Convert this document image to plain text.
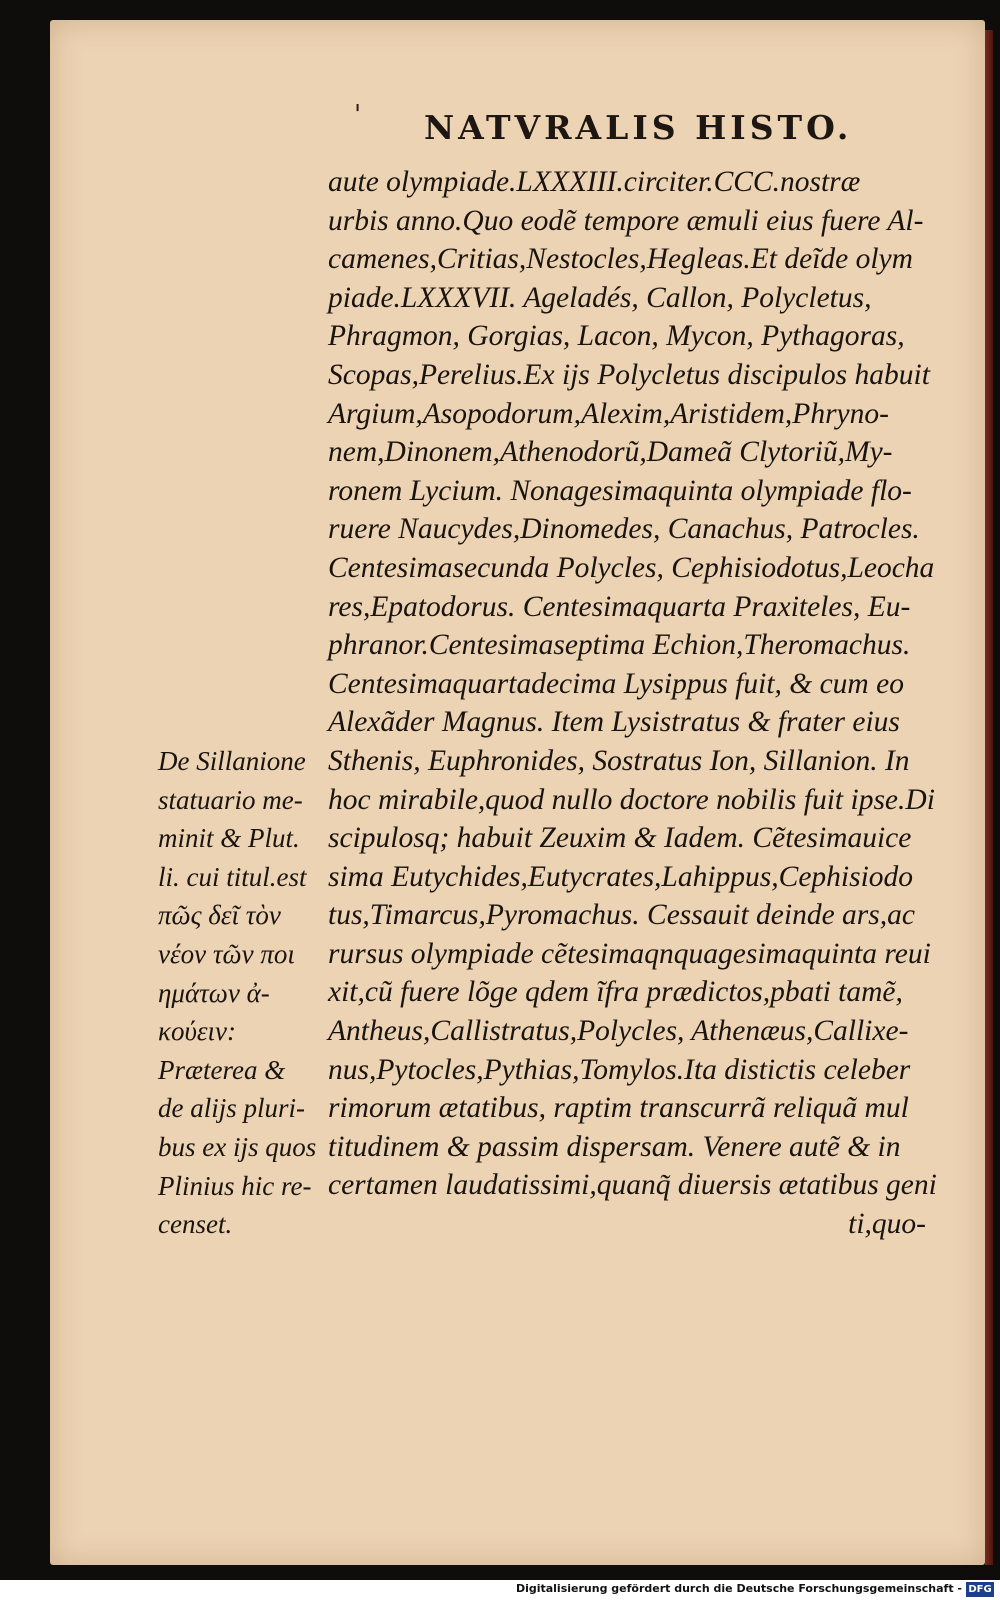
' NATVRALIS HISTO.
aute olympiade.LXXXIII.circiter.CCC.nostræ
urbis anno.Quo eodẽ tempore æmuli eius fuere Al-
camenes,Critias,Nestocles,Hegleas.Et deĩde olym
piade.LXXXVII. Ageladés, Callon, Polycletus,
Phragmon, Gorgias, Lacon, Mycon, Pythagoras,
Scopas,Perelius.Ex ijs Polycletus discipulos habuit
Argium,Asopodorum,Alexim,Aristidem,Phryno-
nem,Dinonem,Athenodorũ,Dameã Clytoriũ,My-
ronem Lycium. Nonagesimaquinta olympiade flo-
ruere Naucydes,Dinomedes, Canachus, Patrocles.
Centesimasecunda Polycles, Cephisiodotus,Leocha
res,Epatodorus. Centesimaquarta Praxiteles, Eu-
phranor.Centesimaseptima Echion,Theromachus.
Centesimaquartadecima Lysippus fuit, & cum eo
Alexãder Magnus. Item Lysistratus & frater eius
Sthenis, Euphronides, Sostratus Ion, Sillanion. In
hoc mirabile,quod nullo doctore nobilis fuit ipse.Di
scipulosq; habuit Zeuxim & Iadem. Cẽtesimauice
sima Eutychides,Eutycrates,Lahippus,Cephisiodo
tus,Timarcus,Pyromachus. Cessauit deinde ars,ac
rursus olympiade cẽtesimaqnquagesimaquinta reui
xit,cũ fuere lõge qdem ĩfra prædictos,pbati tamẽ,
Antheus,Callistratus,Polycles, Athenæus,Callixe-
nus,Pytocles,Pythias,Tomylos.Ita distictis celeber
rimorum ætatibus, raptim transcurrã reliquã mul
titudinem & passim dispersam. Venere autẽ & in
certamen laudatissimi,quanq̃ diuersis ætatibus geni
ti,quo-
De Sillanione
statuario me-
minit & Plut.
li. cui titul.est
πῶς δεῖ τὸν
νέον τῶν ποι
ημάτων ἀ-
κούειν:
Præterea &
de alijs pluri-
bus ex ijs quos
Plinius hic re-
censet.
Digitalisierung gefördert durch die Deutsche Forschungsgemeinschaft - DFG
